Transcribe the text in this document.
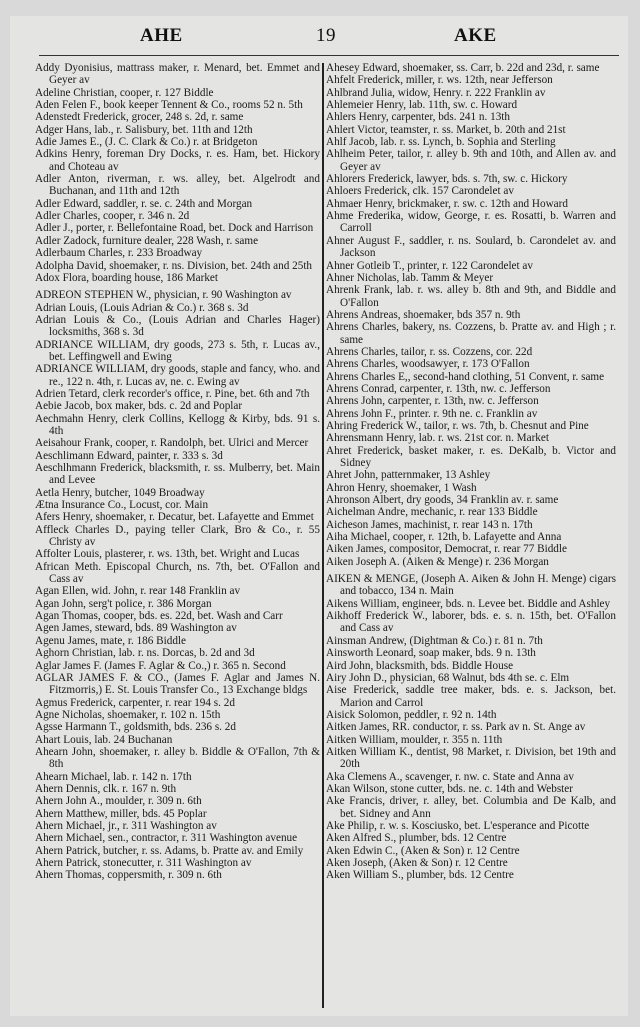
AHE	19	AKE

Addy Dyonisius, mattrass maker, r. Menard, bet. Emmet and Geyer av

Adeline Christian, cooper, r. 127 Biddle

Aden Felen F., book keeper Tennent & Co., rooms 52 n. 5th

Adenstedt Frederick, grocer, 248 s. 2d, r. same

Adger Hans, lab., r. Salisbury, bet. 11th and 12th

Adie James E., (J. C. Clark & Co.) r. at Bridgeton

Adkins Henry, foreman Dry Docks, r. es. Ham, bet. Hickory and Choteau av

Adler Anton, riverman, r. ws. alley, bet. Algelrodt and Buchanan, and 11th and 12th

Adler Edward, saddler, r. se. c. 24th and Morgan

Adler Charles, cooper, r. 346 n. 2d

Adler J., porter, r. Bellefontaine Road, bet. Dock and Harrison

Adler Zadock, furniture dealer, 228 Wash, r. same

Adlerbaum Charles, r. 233 Broadway

Adolpha David, shoemaker, r. ns. Division, bet. 24th and 25th

Adox Flora, boarding house, 186 Market

ADREON STEPHEN W., physician, r. 90 Washington av

Adrian Louis, (Louis Adrian & Co.) r. 368 s. 3d

Adrian Louis & Co., (Louis Adrian and Charles Hager) locksmiths, 368 s. 3d

ADRIANCE WILLIAM, dry goods, 273 s. 5th, r. Lucas av., bet. Leffingwell and Ewing

ADRIANCE WILLIAM, dry goods, staple and fancy, who. and re., 122 n. 4th, r. Lucas av, ne. c. Ewing av

Adrien Tetard, clerk recorder's office, r. Pine, bet. 6th and 7th

Aebie Jacob, box maker, bds. c. 2d and Poplar

Aechmahn Henry, clerk Collins, Kellogg & Kirby, bds. 91 s. 4th

Aeisahour Frank, cooper, r. Randolph, bet. Ulrici and Mercer

Aeschlimann Edward, painter, r. 333 s. 3d

Aeschlhmann Frederick, blacksmith, r. ss. Mulberry, bet. Main and Levee

Aetla Henry, butcher, 1049 Broadway

Ætna Insurance Co., Locust, cor. Main

Afers Henry, shoemaker, r. Decatur, bet. Lafayette and Emmet

Affleck Charles D., paying teller Clark, Bro & Co., r. 55 Christy av

Affolter Louis, plasterer, r. ws. 13th, bet. Wright and Lucas

African Meth. Episcopal Church, ns. 7th, bet. O'Fallon and Cass av

Agan Ellen, wid. John, r. rear 148 Franklin av

Agan John, serg't police, r. 386 Morgan

Agan Thomas, cooper, bds. es. 22d, bet. Wash and Carr

Agen James, steward, bds. 89 Washington av

Agenu James, mate, r. 186 Biddle

Aghorn Christian, lab. r. ns. Dorcas, b. 2d and 3d

Aglar James F. (James F. Aglar & Co.,) r. 365 n. Second

AGLAR JAMES F. & CO., (James F. Aglar and James N. Fitzmorris,) E. St. Louis Transfer Co., 13 Exchange bldgs

Agmus Frederick, carpenter, r. rear 194 s. 2d

Agne Nicholas, shoemaker, r. 102 n. 15th

Agsse Harmann T., goldsmith, bds. 236 s. 2d

Ahart Louis, lab. 24 Buchanan

Ahearn John, shoemaker, r. alley b. Biddle & O'Fallon, 7th & 8th

Ahearn Michael, lab. r. 142 n. 17th

Ahern Dennis, clk. r. 167 n. 9th

Ahern John A., moulder, r. 309 n. 6th

Ahern Matthew, miller, bds. 45 Poplar

Ahern Michael, jr., r. 311 Washington av

Ahern Michael, sen., contractor, r. 311 Washington avenue

Ahern Patrick, butcher, r. ss. Adams, b. Pratte av. and Emily

Ahern Patrick, stonecutter, r. 311 Washington av

Ahern Thomas, coppersmith, r. 309 n. 6th

Ahesey Edward, shoemaker, ss. Carr, b. 22d and 23d, r. same

Ahfelt Frederick, miller, r. ws. 12th, near Jefferson

Ahlbrand Julia, widow, Henry. r. 222 Franklin av

Ahlemeier Henry, lab. 11th, sw. c. Howard

Ahlers Henry, carpenter, bds. 241 n. 13th

Ahlert Victor, teamster, r. ss. Market, b. 20th and 21st

Ahlf Jacob, lab. r. ss. Lynch, b. Sophia and Sterling

Ahlheim Peter, tailor, r. alley b. 9th and 10th, and Allen av. and Geyer av

Ahlorers Frederick, lawyer, bds. s. 7th, sw. c. Hickory

Ahloers Frederick, clk. 157 Carondelet av

Ahmaer Henry, brickmaker, r. sw. c. 12th and Howard

Ahme Frederika, widow, George, r. es. Rosatti, b. Warren and Carroll

Ahner August F., saddler, r. ns. Soulard, b. Carondelet av. and Jackson

Ahner Gotleib T., printer, r. 122 Carondelet av

Ahner Nicholas, lab. Tamm & Meyer

Ahrenk Frank, lab. r. ws. alley b. 8th and 9th, and Biddle and O'Fallon

Ahrens Andreas, shoemaker, bds 357 n. 9th

Ahrens Charles, bakery, ns. Cozzens, b. Pratte av. and High ; r. same

Ahrens Charles, tailor, r. ss. Cozzens, cor. 22d

Ahrens Charles, woodsawyer, r. 173 O'Fallon

Ahrens Charles E,, second-hand clothing, 51 Convent, r. same

Ahrens Conrad, carpenter, r. 13th, nw. c. Jefferson

Ahrens John, carpenter, r. 13th, nw. c. Jefferson

Ahrens John F., printer. r. 9th ne. c. Franklin av

Ahring Frederick W., tailor, r. ws. 7th, b. Chesnut and Pine

Ahrensmann Henry, lab. r. ws. 21st cor. n. Market

Ahret Frederick, basket maker, r. es. DeKalb, b. Victor and Sidney

Ahret John, patternmaker, 13 Ashley

Ahron Henry, shoemaker, 1 Wash

Ahronson Albert, dry goods, 34 Franklin av. r. same

Aichelman Andre, mechanic, r. rear 133 Biddle

Aicheson James, machinist, r. rear 143 n. 17th

Aiha Michael, cooper, r. 12th, b. Lafayette and Anna

Aiken James, compositor, Democrat, r. rear 77 Biddle

Aiken Joseph A. (Aiken & Menge) r. 236 Morgan

AIKEN & MENGE, (Joseph A. Aiken & John H. Menge) cigars and tobacco, 134 n. Main

Aikens William, engineer, bds. n. Levee bet. Biddle and Ashley

Aikhoff Frederick W., laborer, bds. e. s. n. 15th, bet. O'Fallon and Cass av

Ainsman Andrew, (Dightman & Co.) r. 81 n. 7th

Ainsworth Leonard, soap maker, bds. 9 n. 13th

Aird John, blacksmith, bds. Biddle House

Airy John D., physician, 68 Walnut, bds 4th se. c. Elm

Aise Frederick, saddle tree maker, bds. e. s. Jackson, bet. Marion and Carrol

Aisick Solomon, peddler, r. 92 n. 14th

Aitken James, RR. conductor, r. ss. Park av n. St. Ange av

Aitken William, moulder, r. 355 n. 11th

Aitken William K., dentist, 98 Market, r. Division, bet 19th and 20th

Aka Clemens A., scavenger, r. nw. c. State and Anna av

Akan Wilson, stone cutter, bds. ne. c. 14th and Webster

Ake Francis, driver, r. alley, bet. Columbia and De Kalb, and bet. Sidney and Ann

Ake Philip, r. w. s. Kosciusko, bet. L'esperance and Picotte

Aken Alfred S., plumber, bds. 12 Centre

Aken Edwin C., (Aken & Son) r. 12 Centre

Aken Joseph, (Aken & Son) r. 12 Centre

Aken William S., plumber, bds. 12 Centre
